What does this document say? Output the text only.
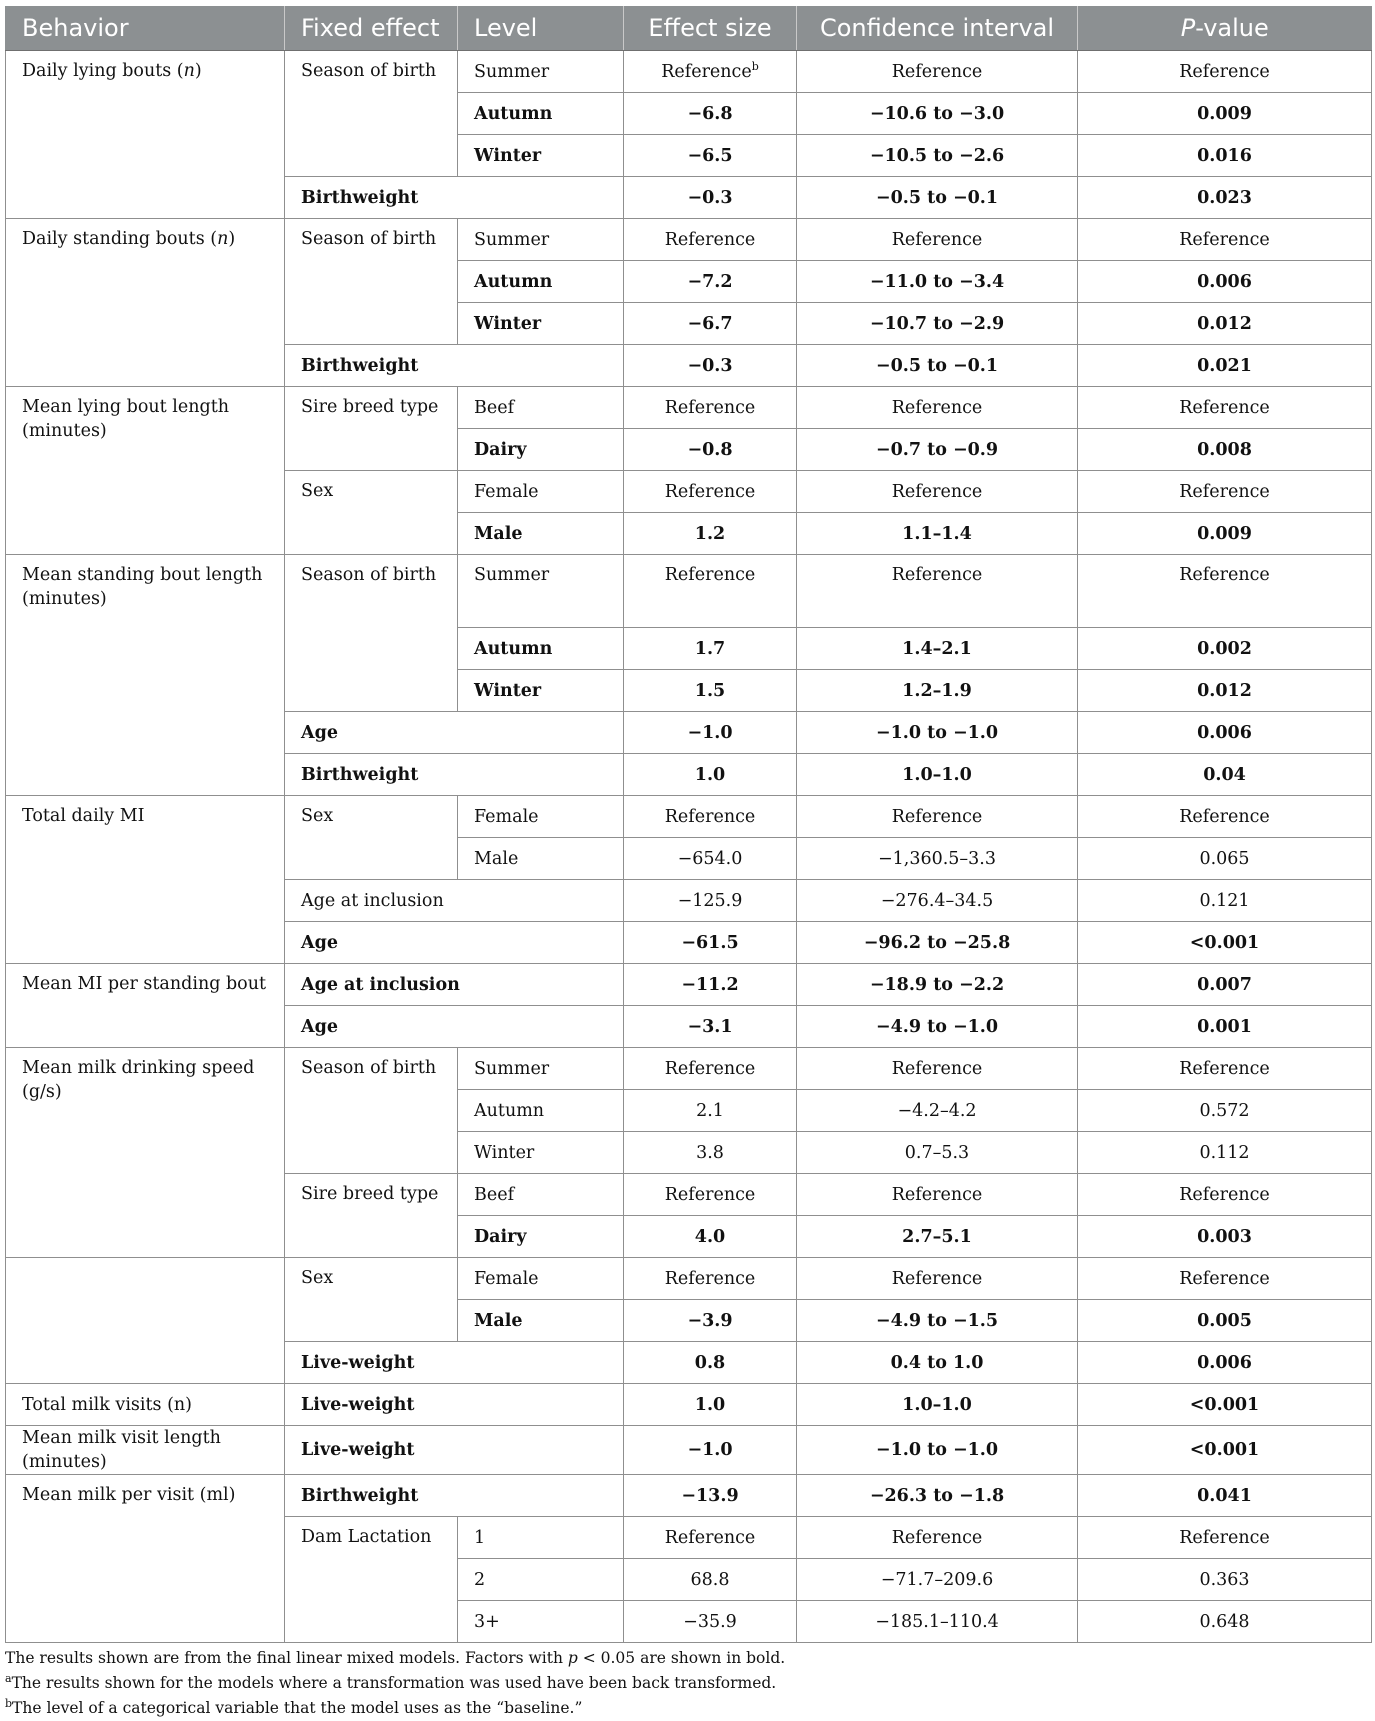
Behavior	Fixed effect	Level	Effect size	Confidence interval	P-value
Daily lying bouts (n)	Season of birth	Summer	Reference$^b$	Reference	Reference
		Autumn	−6.8	−10.6 to −3.0	0.009
		Winter	−6.5	−10.5 to −2.6	0.016
	Birthweight		−0.3	−0.5 to −0.1	0.023
Daily standing bouts (n)	Season of birth	Summer	Reference	Reference	Reference
		Autumn	−7.2	−11.0 to −3.4	0.006
		Winter	−6.7	−10.7 to −2.9	0.012
	Birthweight		−0.3	−0.5 to −0.1	0.021
Mean lying bout length (minutes)	Sire breed type	Beef	Reference	Reference	Reference
		Dairy	−0.8	−0.7 to −0.9	0.008
	Sex	Female	Reference	Reference	Reference
		Male	1.2	1.1–1.4	0.009
Mean standing bout length (minutes)	Season of birth	Summer	Reference	Reference	Reference
		Autumn	1.7	1.4–2.1	0.002
		Winter	1.5	1.2–1.9	0.012
	Age		−1.0	−1.0 to −1.0	0.006
	Birthweight		1.0	1.0–1.0	0.04
Total daily MI	Sex	Female	Reference	Reference	Reference
		Male	−654.0	−1,360.5–3.3	0.065
	Age at inclusion		−125.9	−276.4–34.5	0.121
	Age		−61.5	−96.2 to −25.8	<0.001
Mean MI per standing bout	Age at inclusion		−11.2	−18.9 to −2.2	0.007
	Age		−3.1	−4.9 to −1.0	0.001
Mean milk drinking speed (g/s)	Season of birth	Summer	Reference	Reference	Reference
		Autumn	2.1	−4.2–4.2	0.572
		Winter	3.8	0.7–5.3	0.112
	Sire breed type	Beef	Reference	Reference	Reference
		Dairy	4.0	2.7–5.1	0.003
	Sex	Female	Reference	Reference	Reference
		Male	−3.9	−4.9 to −1.5	0.005
	Live-weight		0.8	0.4 to 1.0	0.006
Total milk visits (n)	Live-weight		1.0	1.0–1.0	<0.001
Mean milk visit length (minutes)	Live-weight		−1.0	−1.0 to −1.0	<0.001
Mean milk per visit (ml)	Birthweight		−13.9	−26.3 to −1.8	0.041
	Dam Lactation	1	Reference	Reference	Reference
		2	68.8	−71.7–209.6	0.363
		3+	−35.9	−185.1–110.4	0.648

The results shown are from the final linear mixed models. Factors with p < 0.05 are shown in bold.

$^a$The results shown for the models where a transformation was used have been back transformed.

$^b$The level of a categorical variable that the model uses as the “baseline.”
